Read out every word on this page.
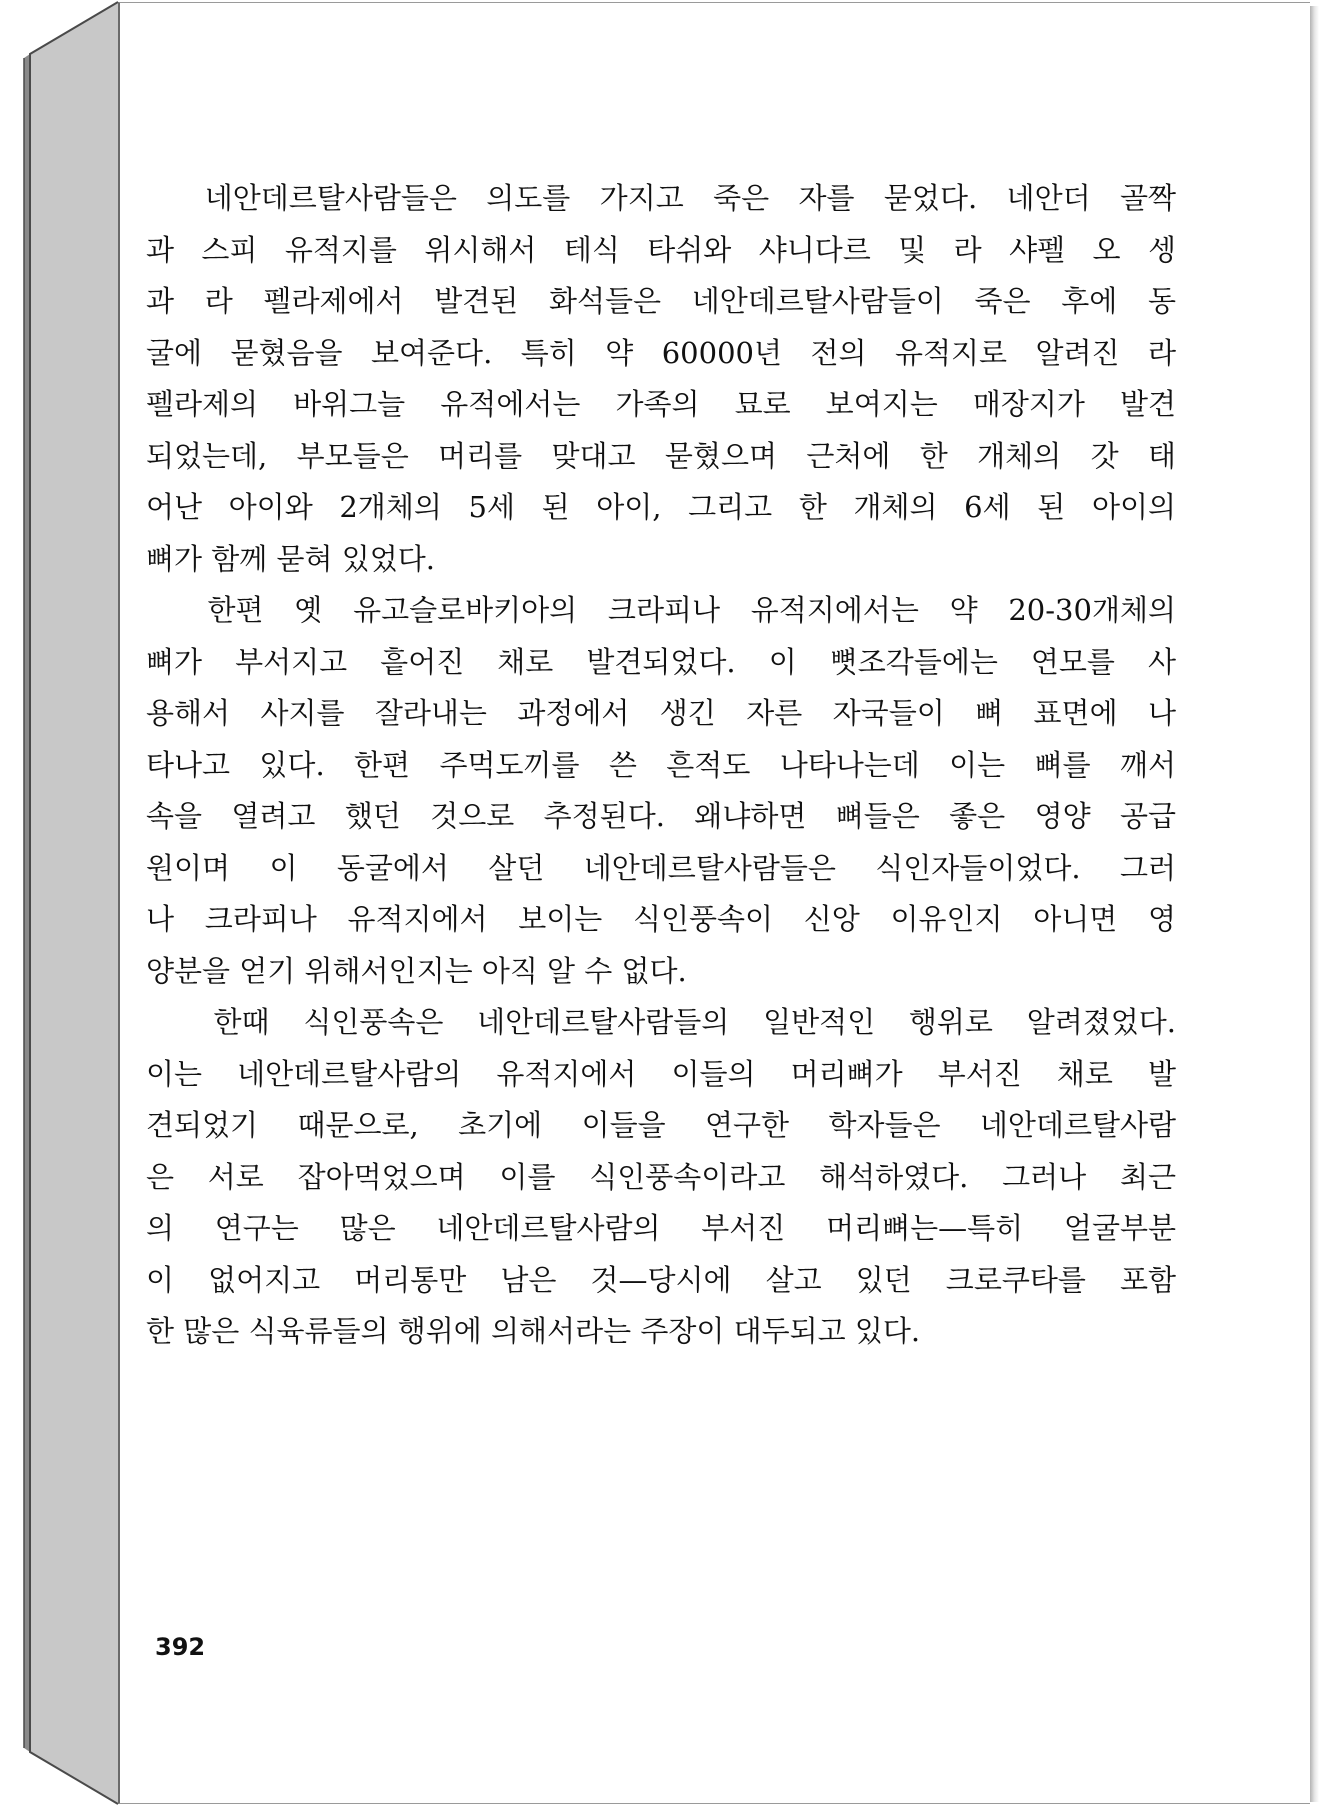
네안데르탈사람들은 의도를 가지고 죽은 자를 묻었다. 네안더 골짝
과 스피 유적지를 위시해서 테식 타쉬와 샤니다르 및 라 샤펠 오 셍
과 라 펠라제에서 발견된 화석들은 네안데르탈사람들이 죽은 후에 동
굴에 묻혔음을 보여준다. 특히 약 60000년 전의 유적지로 알려진 라
펠라제의 바위그늘 유적에서는 가족의 묘로 보여지는 매장지가 발견
되었는데, 부모들은 머리를 맞대고 묻혔으며 근처에 한 개체의 갓 태
어난 아이와 2개체의 5세 된 아이, 그리고 한 개체의 6세 된 아이의
뼈가 함께 묻혀 있었다.

한편 옛 유고슬로바키아의 크라피나 유적지에서는 약 20-30개체의
뼈가 부서지고 흩어진 채로 발견되었다. 이 뼛조각들에는 연모를 사
용해서 사지를 잘라내는 과정에서 생긴 자른 자국들이 뼈 표면에 나
타나고 있다. 한편 주먹도끼를 쓴 흔적도 나타나는데 이는 뼈를 깨서
속을 열려고 했던 것으로 추정된다. 왜냐하면 뼈들은 좋은 영양 공급
원이며 이 동굴에서 살던 네안데르탈사람들은 식인자들이었다. 그러
나 크라피나 유적지에서 보이는 식인풍속이 신앙 이유인지 아니면 영
양분을 얻기 위해서인지는 아직 알 수 없다.

한때 식인풍속은 네안데르탈사람들의 일반적인 행위로 알려졌었다.
이는 네안데르탈사람의 유적지에서 이들의 머리뼈가 부서진 채로 발
견되었기 때문으로, 초기에 이들을 연구한 학자들은 네안데르탈사람
은 서로 잡아먹었으며 이를 식인풍속이라고 해석하였다. 그러나 최근
의 연구는 많은 네안데르탈사람의 부서진 머리뼈는—특히 얼굴부분
이 없어지고 머리통만 남은 것—당시에 살고 있던 크로쿠타를 포함
한 많은 식육류들의 행위에 의해서라는 주장이 대두되고 있다.

392
